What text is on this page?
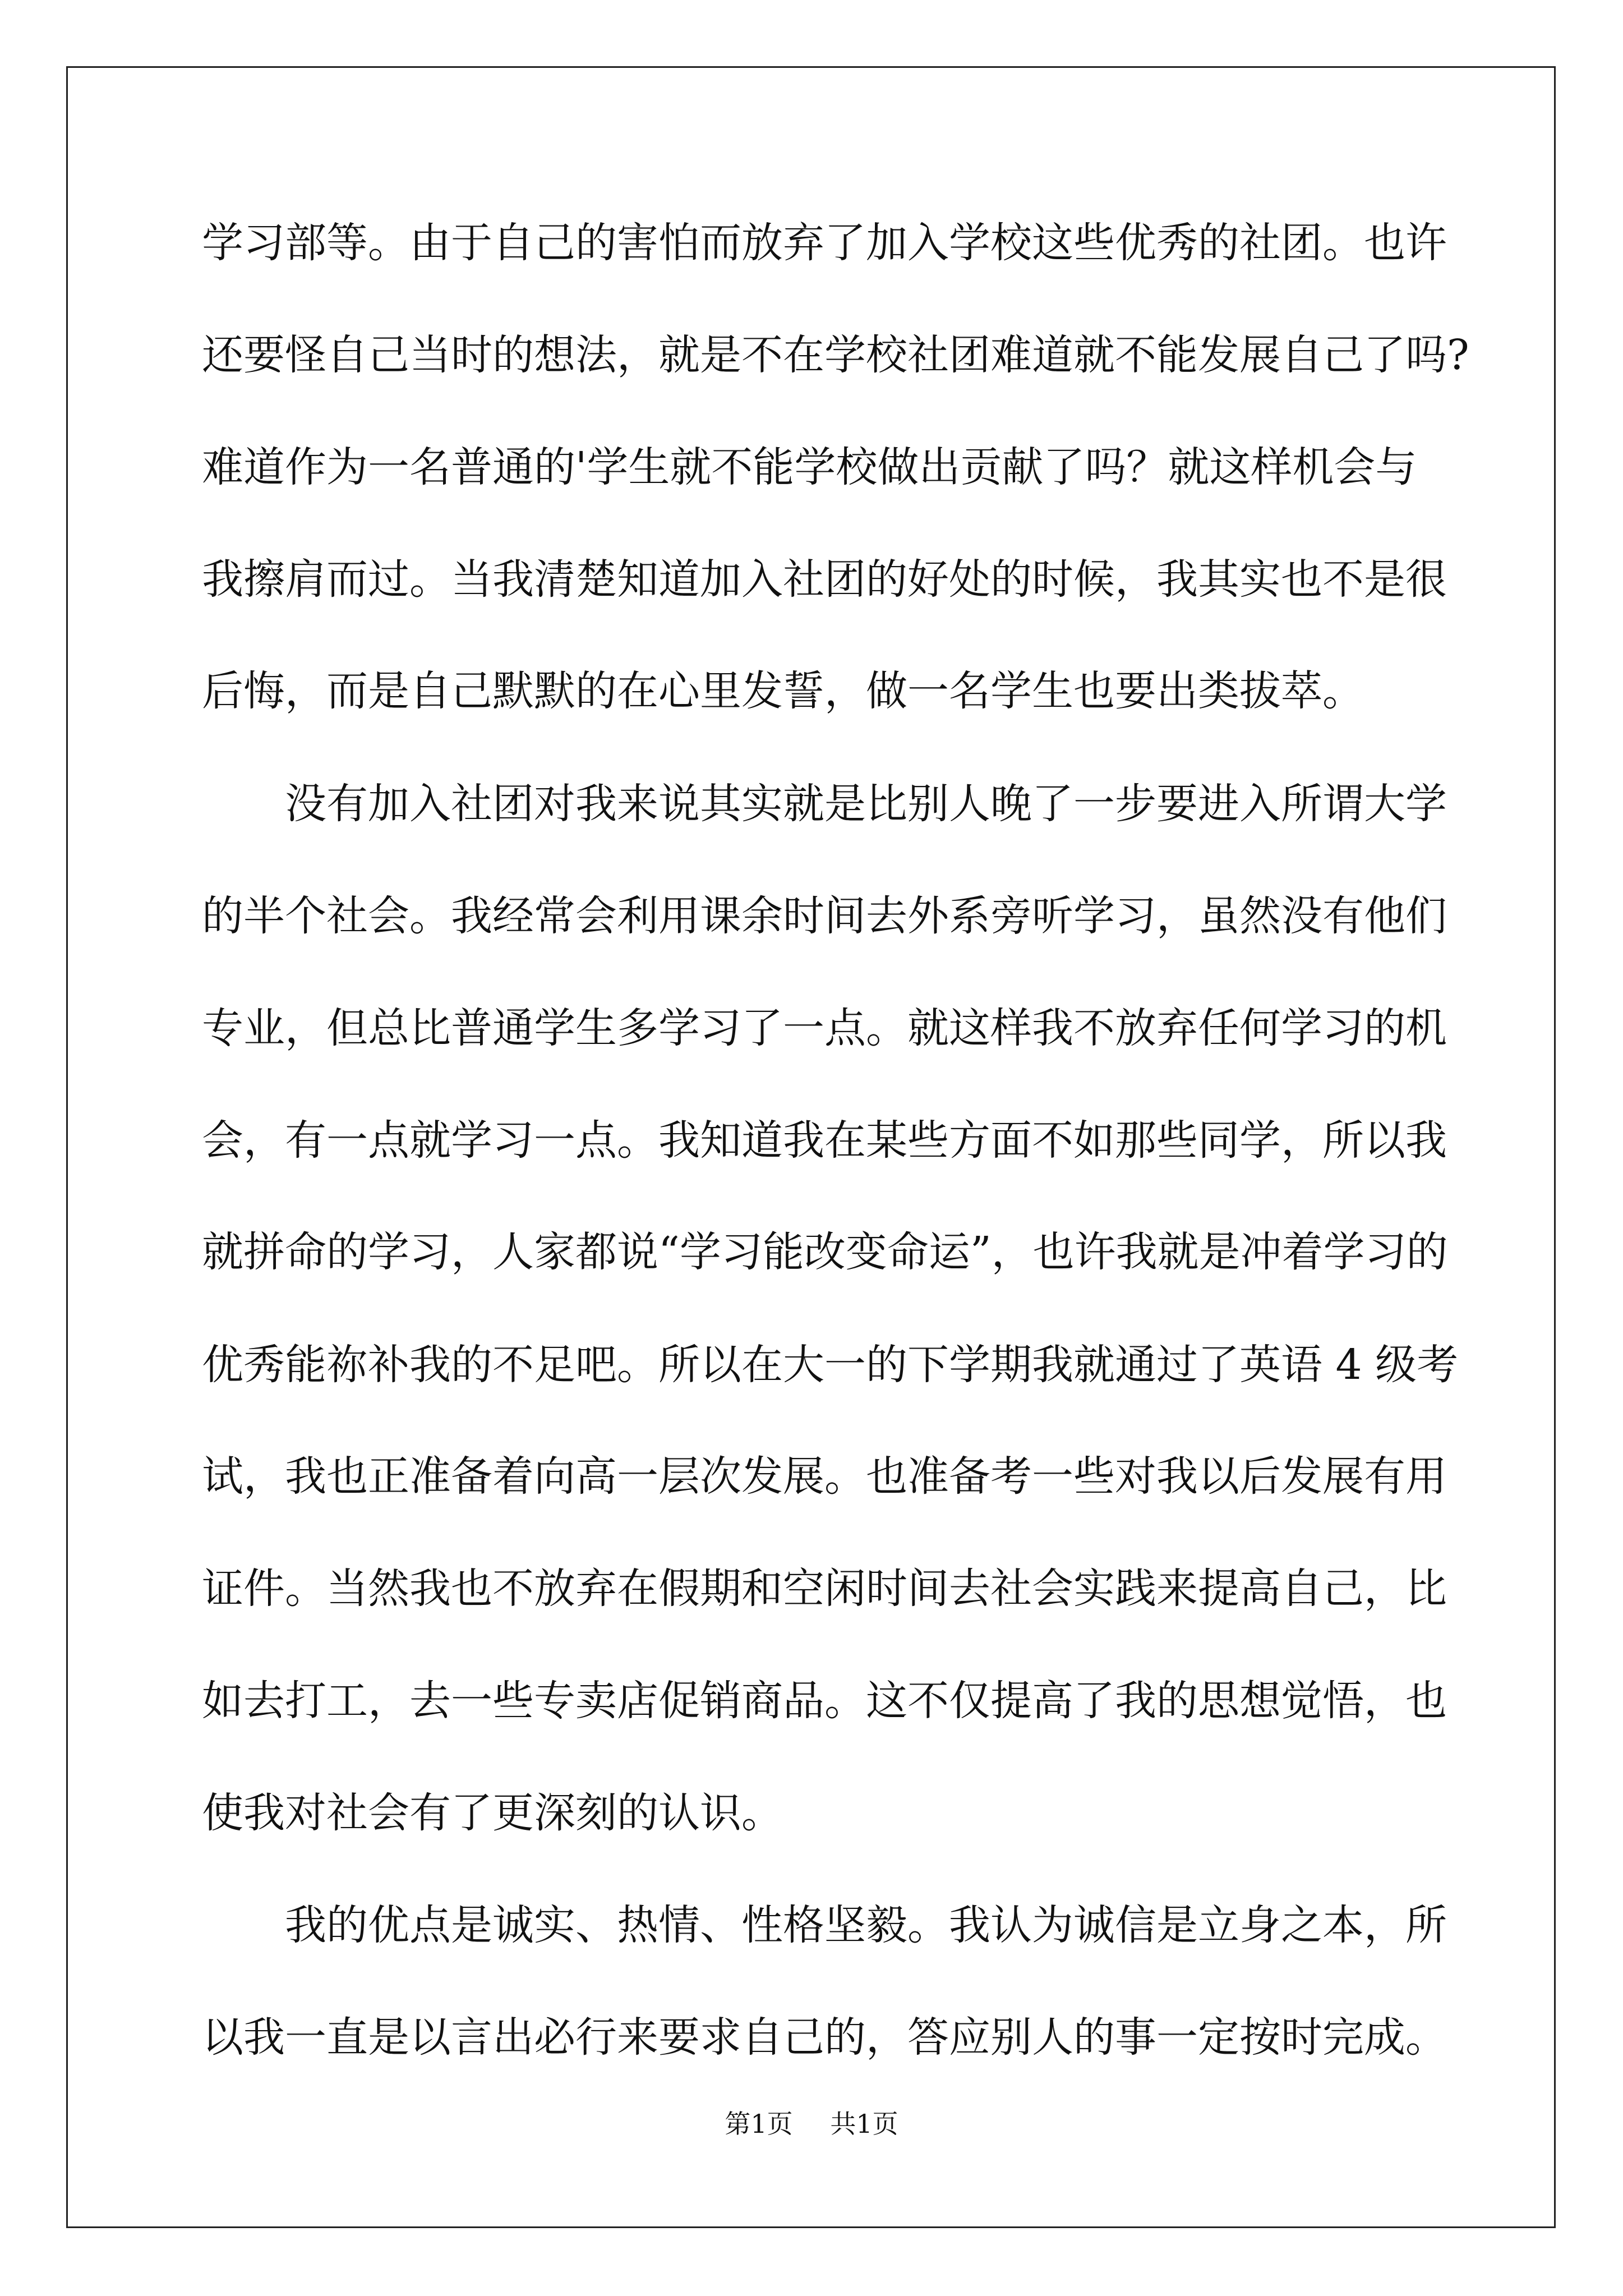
学习部等。由于自己的害怕而放弃了加入学校这些优秀的社团。也许
还要怪自己当时的想法，就是不在学校社团难道就不能发展自己了吗?
难道作为一名普通的'学生就不能学校做出贡献了吗？就这样机会与
我擦肩而过。当我清楚知道加入社团的好处的时候，我其实也不是很
后悔，而是自己默默的在心里发誓，做一名学生也要出类拔萃。
没有加入社团对我来说其实就是比别人晚了一步要进入所谓大学
的半个社会。我经常会利用课余时间去外系旁听学习，虽然没有他们
专业，但总比普通学生多学习了一点。就这样我不放弃任何学习的机
会，有一点就学习一点。我知道我在某些方面不如那些同学，所以我
就拼命的学习，人家都说“学习能改变命运”，也许我就是冲着学习的
优秀能祢补我的不足吧。所以在大一的下学期我就通过了英语 4 级考
试，我也正准备着向高一层次发展。也准备考一些对我以后发展有用
证件。当然我也不放弃在假期和空闲时间去社会实践来提高自己，比
如去打工，去一些专卖店促销商品。这不仅提高了我的思想觉悟，也
使我对社会有了更深刻的认识。
我的优点是诚实、热情、性格坚毅。我认为诚信是立身之本，所
以我一直是以言出必行来要求自己的，答应别人的事一定按时完成。
第1页 共1页
